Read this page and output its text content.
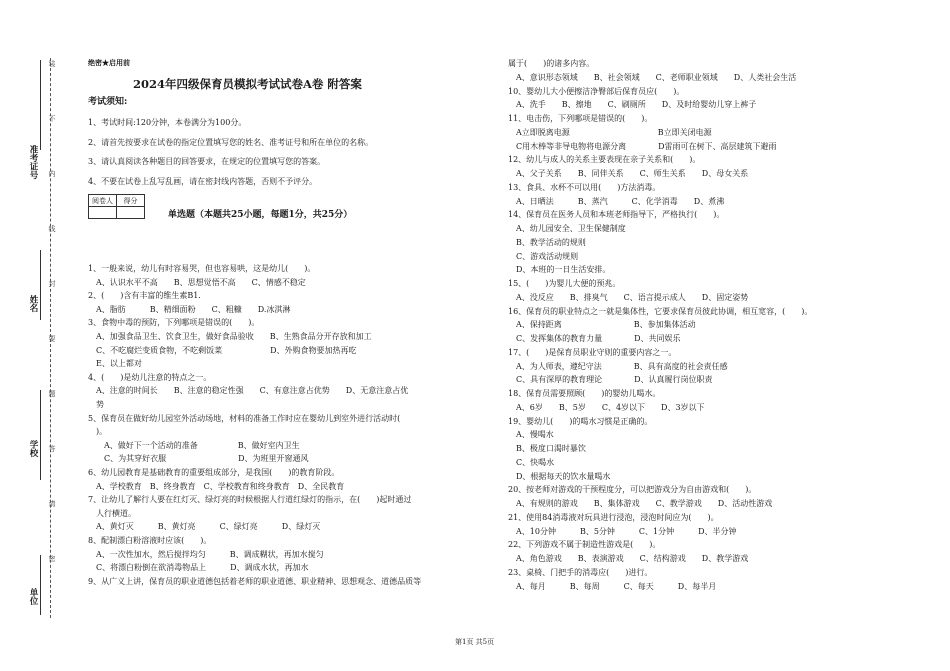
准考证号
姓名
学校
单位
装
不
内
线
封
要
题
答
请
密
绝密★启用前
2024年四级保育员模拟考试试卷A卷 附答案
考试须知:
1、考试时间:120分钟，本卷满分为100分。
2、请首先按要求在试卷的指定位置填写您的姓名、准考证号和所在单位的名称。
3、请认真阅读各种题目的回答要求，在规定的位置填写您的答案。
4、不要在试卷上乱写乱画，请在密封线内答题，否则不予评分。
阅卷人	得分

单选题（本题共25小题，每题1分，共25分）
1、一般来说，幼儿有时容易哭，但也容易哄，这是幼儿(　　)。
　A、认识水平不高　　B、思想觉悟不高　　C、情感不稳定
2、(　　)含有丰富的维生素B1.
　A、脂肪　　　B、精细面粉　　C、粗糠　　D.冰淇淋
3、食物中毒的预防，下列哪项是错误的(　　)。
　A、加强食品卫生、饮食卫生，做好食品验收　　B、生熟食品分开存放和加工
　C、不吃腐烂变质食物，不吃剩饭菜　　　　　　D、外购食物要加热再吃
　E、以上都对
4、(　　)是幼儿注意的特点之一。
　A、注意的时间长　　B、注意的稳定性强　　C、有意注意占优势　　D、无意注意占优
　势
5、保育员在做好幼儿园室外活动场地，材料的准备工作时应在婴幼儿到室外进行活动时(
　)。
　　A、做好下一个活动的准备　　　　　B、做好室内卫生
　　C、为其穿好衣服　　　　　　　　　D、为班里开窗通风
6、幼儿园教育是基础教育的重要组成部分，是我国(　　)的教育阶段。
　A、学校教育　B、终身教育　C、学校教育和终身教育　D、全民教育
7、让幼儿了解行人要在红灯灭、绿灯亮的时候根据人行道红绿灯的指示，在(　　)起时通过
　人行横道。
　A、黄灯灭　　　B、黄灯亮　　　C、绿灯亮　　　D、绿灯灭
8、配制漂白粉溶液时应该(　　)。
　A、一次性加水，然后搅拌均匀　　　B、调成糊状，再加水搅匀
　C、将漂白粉倒在欲消毒物品上　　　D、调成水状，再加水
9、从广义上讲，保育员的职业道德包括着老师的职业道德、职业精神、思想观念、道德品质等
属于(　　)的诸多内容。
　A、意识形态领域　　B、社会领域　　C、老师职业领域　　D、人类社会生活
10、婴幼儿大小便擦洁净臀部后保育员应(　　)。
　A、洗手　　B、擦地　　C、刷厕所　　D、及时给婴幼儿穿上裤子
11、电击伤，下列哪项是错误的(　　)。
　A立即脱离电源　　　　　　　　　　　B立即关闭电源
　C用木棒等非导电物将电源分离　　　　D雷雨可在树下、高层建筑下避雨
12、幼儿与成人的关系主要表现在亲子关系和(　　)。
　A、父子关系　　B、同伴关系　　C、师生关系　　D、母女关系
13、食具、水杯不可以用(　　)方法消毒。
　A、日晒法　　　B、蒸汽　　　C、化学消毒　　D、煮沸
14、保育员在医务人员和本班老师指导下，严格执行(　　)。
　A、幼儿园安全、卫生保健制度
　B、教学活动的规则
　C、游戏活动规则
　D、本班的一日生活安排。
15、(　　)为婴儿大便的预兆。
　A、没反应　　B、排臭气　　C、语言提示成人　　D、固定姿势
16、保育员的职业特点之一就是集体性，它要求保育员彼此协调，相互宽容，(　　)。
　A、保持距离　　　　　　　　　B、参加集体活动
　C、发挥集体的教育力量　　　　D、共同娱乐
17、(　　)是保育员职业守则的重要内容之一。
　A、为人师表，遵纪守法　　　　B、具有高度的社会责任感
　C、具有深厚的教育理论　　　　D、认真履行岗位职责
18、保育员需要照顾(　　)的婴幼儿喝水。
　A、6岁　　B、5岁　　C、4岁以下　　D、3岁以下
19、婴幼儿(　　)的喝水习惯是正确的。
　A、慢喝水
　B、极度口渴时暴饮
　C、快喝水
　D、根据每天的饮水量喝水
20、按老师对游戏的干预程度分，可以把游戏分为自由游戏和(　　)。
　A、有规则的游戏　　B、集体游戏　　C、教学游戏　　D、活动性游戏
21、使用84消毒液对玩具进行浸泡，浸泡时间应为(　　)。
　A、10分钟　　　B、5分钟　　　C、1分钟　　　D、半分钟
22、下列游戏不属于制造性游戏是(　　)。
　A、角色游戏　　B、表演游戏　　C、结构游戏　　D、教学游戏
23、桌椅、门把手的消毒应(　　)进行。
　A、每月　　　B、每周　　　C、每天　　　D、每半月
第1页 共5页
